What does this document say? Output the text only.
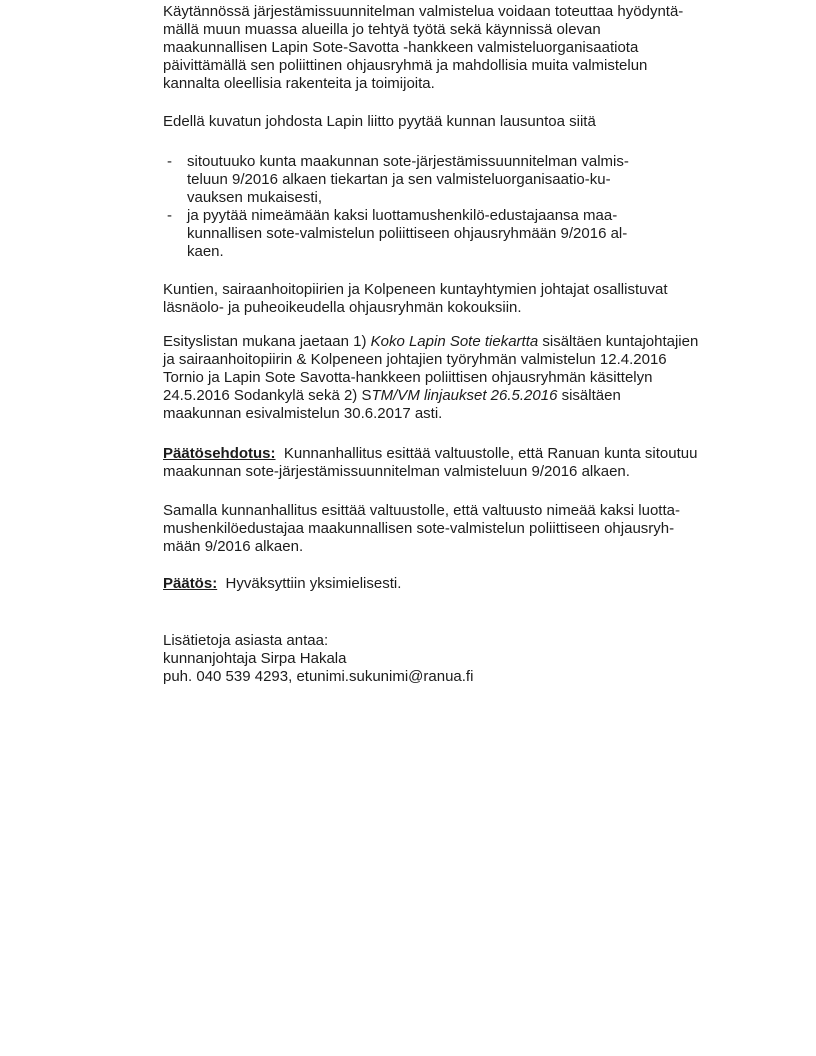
Käytännössä järjestämissuunnitelman valmistelua voidaan toteuttaa hyödyntä-
mällä muun muassa alueilla jo tehtyä työtä sekä käynnissä olevan
maakunnallisen Lapin Sote-Savotta -hankkeen valmisteluorganisaatiota
päivittämällä sen poliittinen ohjausryhmä ja mahdollisia muita valmistelun
kannalta oleellisia rakenteita ja toimijoita.
Edellä kuvatun johdosta Lapin liitto pyytää kunnan lausuntoa siitä
- sitoutuuko kunta maakunnan sote-järjestämissuunnitelman valmis-
teluun 9/2016 alkaen tiekartan ja sen valmisteluorganisaatio-ku-
vauksen mukaisesti,
- ja pyytää nimeämään kaksi luottamushenkilö-edustajaansa maa-
kunnallisen sote-valmistelun poliittiseen ohjausryhmään 9/2016 al-
kaen.
Kuntien, sairaanhoitopiirien ja Kolpeneen kuntayhtymien johtajat osallistuvat
läsnäolo- ja puheoikeudella ohjausryhmän kokouksiin.
Esityslistan mukana jaetaan 1) Koko Lapin Sote tiekartta sisältäen kuntajohtajien
ja sairaanhoitopiirin & Kolpeneen johtajien työryhmän valmistelun 12.4.2016
Tornio ja Lapin Sote Savotta-hankkeen poliittisen ohjausryhmän käsittelyn
24.5.2016 Sodankylä sekä 2) STM/VM linjaukset 26.5.2016 sisältäen
maakunnan esivalmistelun 30.6.2017 asti.
Päätösehdotus:  Kunnanhallitus esittää valtuustolle, että Ranuan kunta sitoutuu
maakunnan sote-järjestämissuunnitelman valmisteluun 9/2016 alkaen.
Samalla kunnanhallitus esittää valtuustolle, että valtuusto nimeää kaksi luotta-
mushenkilöedustajaa maakunnallisen sote-valmistelun poliittiseen ohjausryh-
mään 9/2016 alkaen.
Päätös:  Hyväksyttiin yksimielisesti.
Lisätietoja asiasta antaa:
kunnanjohtaja Sirpa Hakala
puh. 040 539 4293, etunimi.sukunimi@ranua.fi
